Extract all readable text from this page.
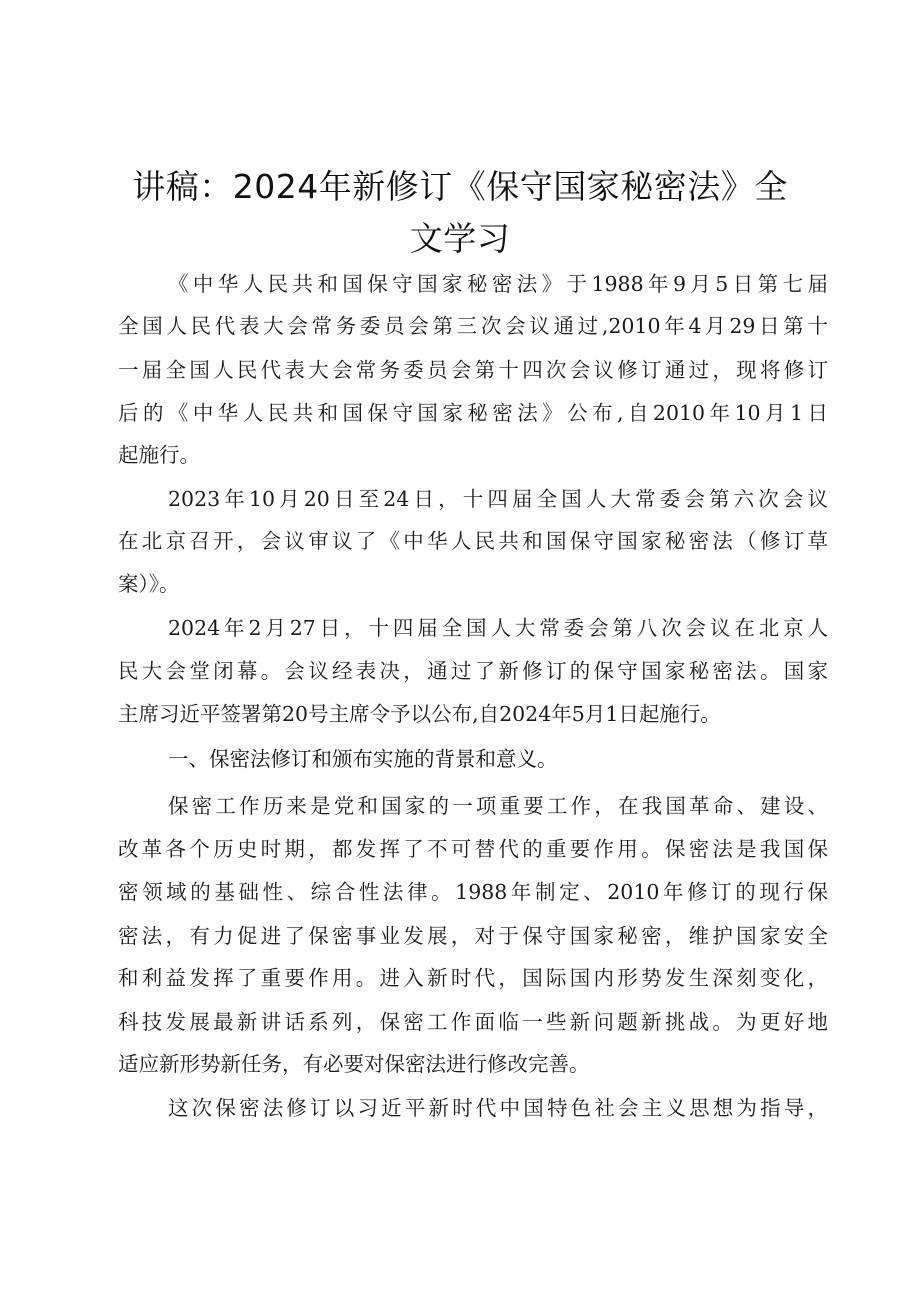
讲稿：2024年新修订《保守国家秘密法》全
文学习
《中华人民共和国保守国家秘密法》于1988年9月5日第七届
全国人民代表大会常务委员会第三次会议通过,2010年4月29日第十
一届全国人民代表大会常务委员会第十四次会议修订通过，现将修订
后的《中华人民共和国保守国家秘密法》公布,自2010年10月1日
起施行。
2023年10月20日至24日，十四届全国人大常委会第六次会议
在北京召开，会议审议了《中华人民共和国保守国家秘密法（修订草
案）》。
2024年2月27日，十四届全国人大常委会第八次会议在北京人
民大会堂闭幕。会议经表决，通过了新修订的保守国家秘密法。国家
主席习近平签署第20号主席令予以公布,自2024年5月1日起施行。
一、保密法修订和颁布实施的背景和意义。
保密工作历来是党和国家的一项重要工作，在我国革命、建设、
改革各个历史时期，都发挥了不可替代的重要作用。保密法是我国保
密领域的基础性、综合性法律。1988年制定、2010年修订的现行保
密法，有力促进了保密事业发展，对于保守国家秘密，维护国家安全
和利益发挥了重要作用。进入新时代，国际国内形势发生深刻变化，
科技发展最新讲话系列，保密工作面临一些新问题新挑战。为更好地
适应新形势新任务，有必要对保密法进行修改完善。
这次保密法修订以习近平新时代中国特色社会主义思想为指导，
